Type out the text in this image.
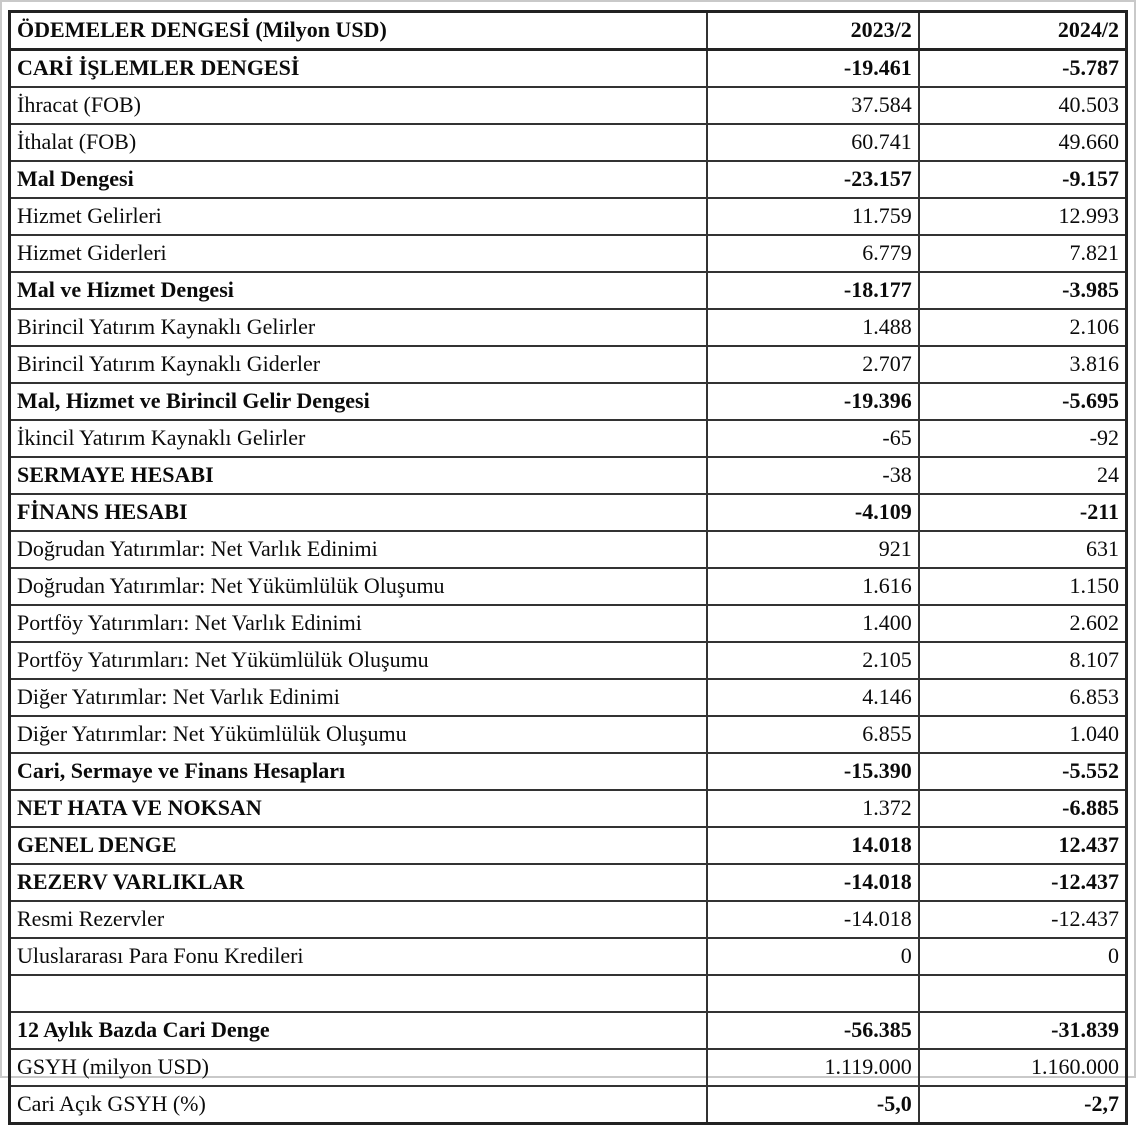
ÖDEMELER DENGESİ (Milyon USD)	2023/2	2024/2
CARİ İŞLEMLER DENGESİ	-19.461	-5.787
İhracat (FOB)	37.584	40.503
İthalat (FOB)	60.741	49.660
Mal Dengesi	-23.157	-9.157
Hizmet Gelirleri	11.759	12.993
Hizmet Giderleri	6.779	7.821
Mal ve Hizmet Dengesi	-18.177	-3.985
Birincil Yatırım Kaynaklı Gelirler	1.488	2.106
Birincil Yatırım Kaynaklı Giderler	2.707	3.816
Mal, Hizmet ve Birincil Gelir Dengesi	-19.396	-5.695
İkincil Yatırım Kaynaklı Gelirler	-65	-92
SERMAYE HESABI	-38	24
FİNANS HESABI	-4.109	-211
Doğrudan Yatırımlar: Net Varlık Edinimi	921	631
Doğrudan Yatırımlar: Net Yükümlülük Oluşumu	1.616	1.150
Portföy Yatırımları: Net Varlık Edinimi	1.400	2.602
Portföy Yatırımları: Net Yükümlülük Oluşumu	2.105	8.107
Diğer Yatırımlar: Net Varlık Edinimi	4.146	6.853
Diğer Yatırımlar: Net Yükümlülük Oluşumu	6.855	1.040
Cari, Sermaye ve Finans Hesapları	-15.390	-5.552
NET HATA VE NOKSAN	1.372	-6.885
GENEL DENGE	14.018	12.437
REZERV VARLIKLAR	-14.018	-12.437
Resmi Rezervler	-14.018	-12.437
Uluslararası Para Fonu Kredileri	0	0

12 Aylık Bazda Cari Denge	-56.385	-31.839
GSYH (milyon USD)	1.119.000	1.160.000
Cari Açık GSYH (%)	-5,0	-2,7
